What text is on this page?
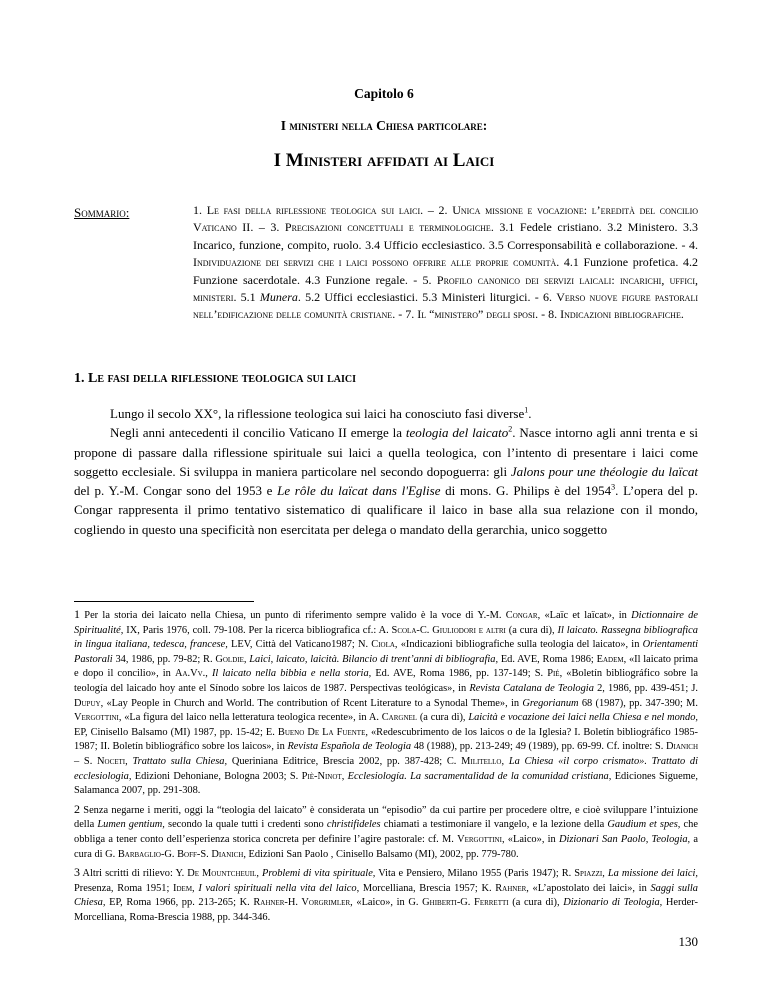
Capitolo 6
I ministeri nella Chiesa particolare:
I Ministeri affidati ai Laici
Sommario:	1. Le fasi della riflessione teologica sui laici. – 2. Unica missione e vocazione: l’eredità del concilio Vaticano II. – 3. Precisazioni concettuali e terminologiche. 3.1 Fedele cristiano. 3.2 Ministero. 3.3 Incarico, funzione, compito, ruolo. 3.4 Ufficio ecclesiastico. 3.5 Corresponsabilità e collaborazione. - 4. Individuazione dei servizi che i laici possono offrire alle proprie comunità. 4.1 Funzione profetica. 4.2 Funzione sacerdotale. 4.3 Funzione regale. - 5. Profilo canonico dei servizi laicali: incarichi, uffici, ministeri. 5.1 Munera. 5.2 Uffici ecclesiastici. 5.3 Ministeri liturgici. - 6. Verso nuove figure pastorali nell’edificazione delle comunità cristiane. - 7. Il “ministero” degli sposi. - 8. Indicazioni bibliografiche.
1. Le fasi della riflessione teologica sui laici

Lungo il secolo XX°, la riflessione teologica sui laici ha conosciuto fasi diverse$^1$.

Negli anni antecedenti il concilio Vaticano II emerge la teologia del laicato$^2$. Nasce intorno agli anni trenta e si propone di passare dalla riflessione spirituale sui laici a quella teologica, con l’intento di presentare i laici come soggetto ecclesiale. Si sviluppa in maniera particolare nel secondo dopoguerra: gli Jalons pour une théologie du laïcat del p. Y.-M. Congar sono del 1953 e Le rôle du laïcat dans l'Eglise di mons. G. Philips è del 1954$^3$. L’opera del p. Congar rappresenta il primo tentativo sistematico di qualificare il laico in base alla sua relazione con il mondo, cogliendo in questo una specificità non esercitata per delega o mandato della gerarchia, unico soggetto

1 Per la storia dei laicato nella Chiesa, un punto di riferimento sempre valido è la voce di Y.-M. Congar, «Laïc et laïcat», in Dictionnaire de Spiritualité, IX, Paris 1976, coll. 79-108. Per la ricerca bibliografica cf.: A. Scola-C. Giuliodori e altri (a cura di), Il laicato. Rassegna bibliografica in lingua italiana, tedesca, francese, LEV, Città del Vaticano1987; N. Ciola, «Indicazioni bibliografiche sulla teologia del laicato», in Orientamenti Pastorali 34, 1986, pp. 79-82; R. Goldie, Laici, laicato, laicità. Bilancio di trent’anni di bibliografia, Ed. AVE, Roma 1986; Eadem, «Il laicato prima e dopo il concilio», in Aa.Vv., Il laicato nella bibbia e nella storia, Ed. AVE, Roma 1986, pp. 137-149; S. Pié, «Boletín bibliográfico sobre la teología del laicado hoy ante el Sínodo sobre los laicos de 1987. Perspectivas teológicas», in Revista Catalana de Teologia 2, 1986, pp. 439-451; J. Dupuy, «Lay People in Church and World. The contribution of Rcent Literature to a Synodal Theme», in Gregorianum 68 (1987), pp. 347-390; M. Vergottini, «La figura del laico nella letteratura teologica recente», in A. Cargnel (a cura di), Laicità e vocazione dei laici nella Chiesa e nel mondo, EP, Cinisello Balsamo (MI) 1987, pp. 15-42; E. Bueno De La Fuente, «Redescubrimento de los laicos o de la Iglesia? I. Boletín bibliográfico 1985-1987; II. Boletín bibliográfico sobre los laicos», in Revista Española de Teologia 48 (1988), pp. 213-249; 49 (1989), pp. 69-99. Cf. inoltre: S. Dianich – S. Noceti, Trattato sulla Chiesa, Queriniana Editrice, Brescia 2002, pp. 387-428; C. Militello, La Chiesa «il corpo crismato». Trattato di ecclesiologia, Edizioni Dehoniane, Bologna 2003; S. Piè-Ninot, Ecclesiología. La sacramentalidad de la comunidad cristiana, Ediciones Sigueme, Salamanca 2007, pp. 291-308.

2 Senza negarne i meriti, oggi la “teologia del laicato” è considerata un “episodio” da cui partire per procedere oltre, e cioè sviluppare l’intuizione della Lumen gentium, secondo la quale tutti i credenti sono christifideles chiamati a testimoniare il vangelo, e la lezione della Gaudium et spes, che obbliga a tener conto dell’esperienza storica concreta per definire l’agire pastorale: cf. M. Vergottini, «Laico», in Dizionari San Paolo, Teologia, a cura di G. Barbaglio-G. Boff-S. Dianich, Edizioni San Paolo , Cinisello Balsamo (MI), 2002, pp. 779-780.

3 Altri scritti di rilievo: Y. De Mountcheuil, Problemi di vita spirituale, Vita e Pensiero, Milano 1955 (Paris 1947); R. Spiazzi, La missione dei laici, Presenza, Roma 1951; Idem, I valori spirituali nella vita del laico, Morcelliana, Brescia 1957; K. Rahner, «L’apostolato dei laici», in Saggi sulla Chiesa, EP, Roma 1966, pp. 213-265; K. Rahner-H. Vorgrimler, «Laico», in G. Ghiberti-G. Ferretti (a cura di), Dizionario di Teologia, Herder-Morcelliana, Roma-Brescia 1988, pp. 344-346.

130
